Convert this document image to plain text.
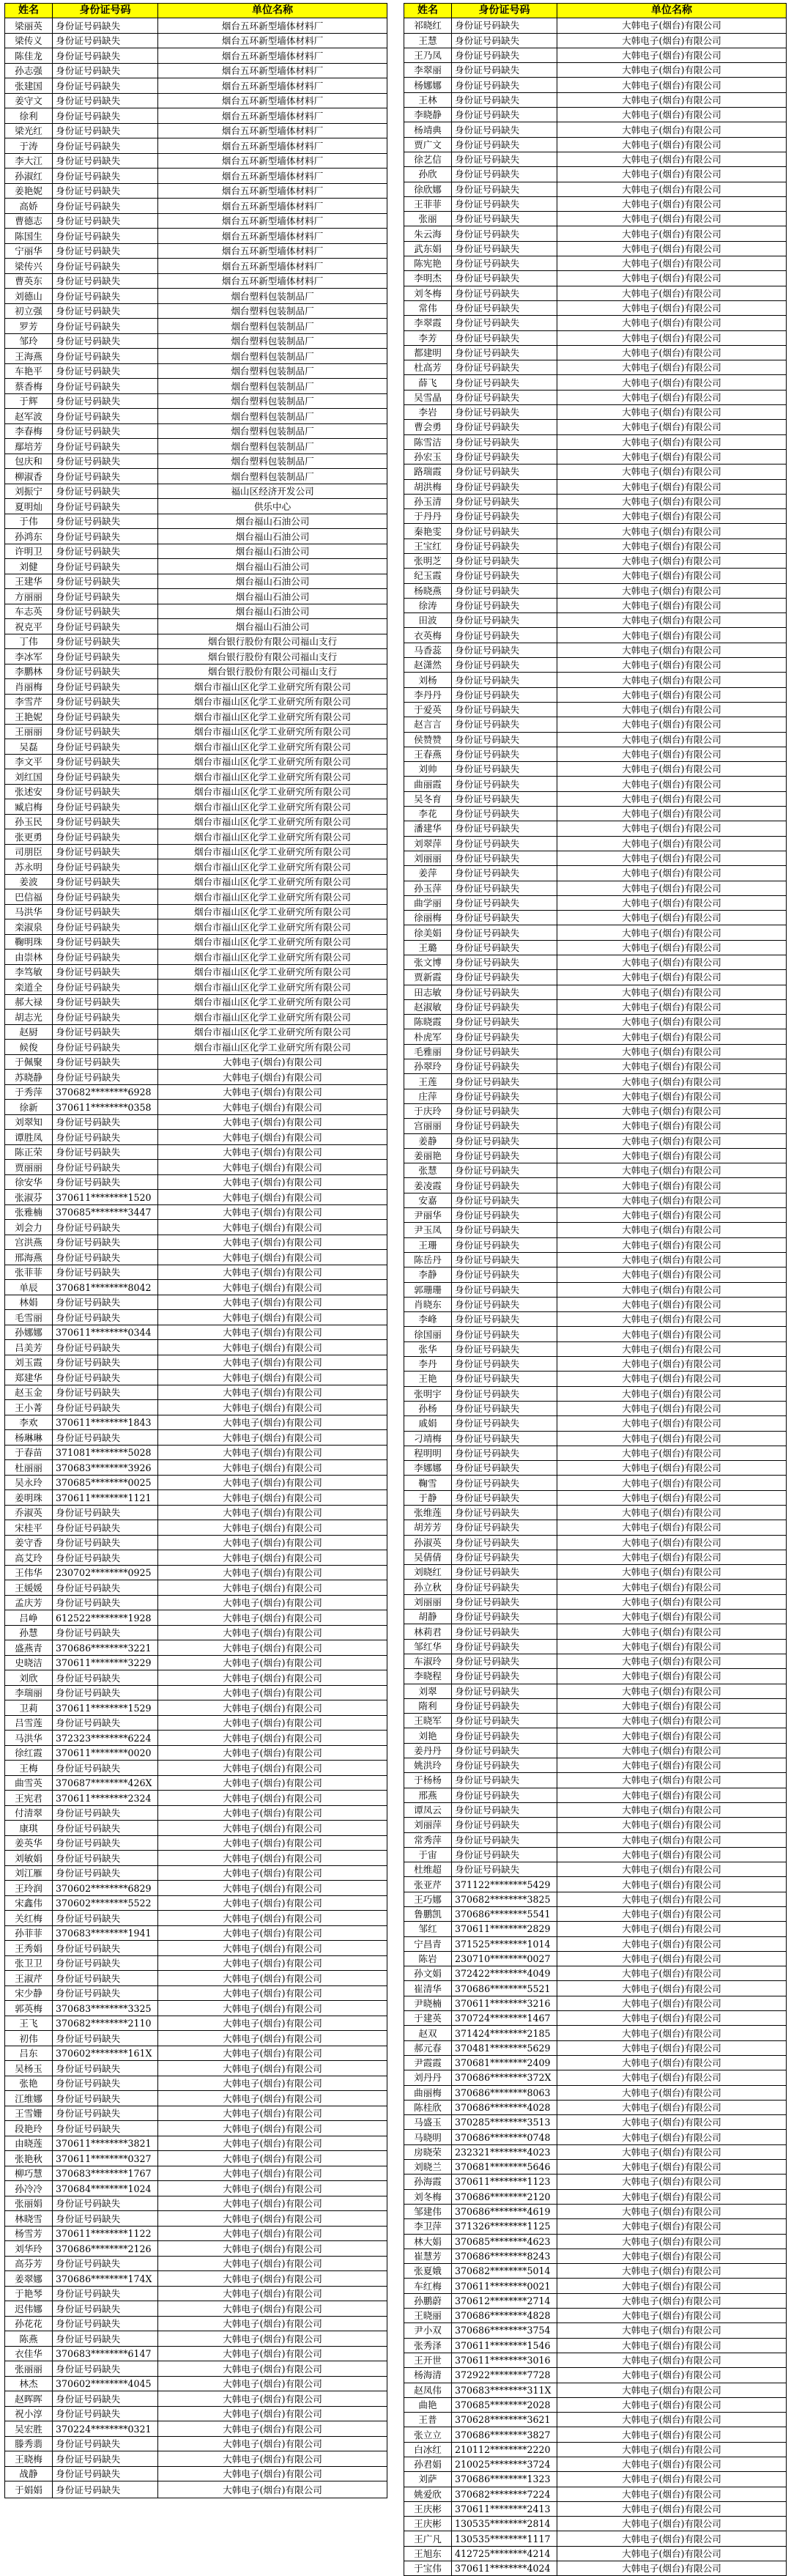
姓名	身份证号码	单位名称
梁丽英	身份证号码缺失	烟台五环新型墙体材料厂
梁传义	身份证号码缺失	烟台五环新型墙体材料厂
陈佳龙	身份证号码缺失	烟台五环新型墙体材料厂
孙志强	身份证号码缺失	烟台五环新型墙体材料厂
张建国	身份证号码缺失	烟台五环新型墙体材料厂
姜守文	身份证号码缺失	烟台五环新型墙体材料厂
徐利	身份证号码缺失	烟台五环新型墙体材料厂
梁光红	身份证号码缺失	烟台五环新型墙体材料厂
于涛	身份证号码缺失	烟台五环新型墙体材料厂
李大江	身份证号码缺失	烟台五环新型墙体材料厂
孙淑红	身份证号码缺失	烟台五环新型墙体材料厂
姜艳妮	身份证号码缺失	烟台五环新型墙体材料厂
高娇	身份证号码缺失	烟台五环新型墙体材料厂
曹德志	身份证号码缺失	烟台五环新型墙体材料厂
陈国生	身份证号码缺失	烟台五环新型墙体材料厂
宁丽华	身份证号码缺失	烟台五环新型墙体材料厂
梁传兴	身份证号码缺失	烟台五环新型墙体材料厂
曹英东	身份证号码缺失	烟台五环新型墙体材料厂
刘德山	身份证号码缺失	烟台塑料包装制品厂
初立强	身份证号码缺失	烟台塑料包装制品厂
罗芳	身份证号码缺失	烟台塑料包装制品厂
邹玲	身份证号码缺失	烟台塑料包装制品厂
王海燕	身份证号码缺失	烟台塑料包装制品厂
车艳平	身份证号码缺失	烟台塑料包装制品厂
蔡香梅	身份证号码缺失	烟台塑料包装制品厂
于辉	身份证号码缺失	烟台塑料包装制品厂
赵军波	身份证号码缺失	烟台塑料包装制品厂
李春梅	身份证号码缺失	烟台塑料包装制品厂
鄢培芳	身份证号码缺失	烟台塑料包装制品厂
包庆和	身份证号码缺失	烟台塑料包装制品厂
柳淑香	身份证号码缺失	烟台塑料包装制品厂
刘振宁	身份证号码缺失	福山区经济开发公司
夏明灿	身份证号码缺失	供乐中心
于伟	身份证号码缺失	烟台福山石油公司
孙鸿东	身份证号码缺失	烟台福山石油公司
许明卫	身份证号码缺失	烟台福山石油公司
刘健	身份证号码缺失	烟台福山石油公司
王建华	身份证号码缺失	烟台福山石油公司
方丽丽	身份证号码缺失	烟台福山石油公司
车志英	身份证号码缺失	烟台福山石油公司
祝克平	身份证号码缺失	烟台福山石油公司
丁伟	身份证号码缺失	烟台银行股份有限公司福山支行
李冰军	身份证号码缺失	烟台银行股份有限公司福山支行
李鹏林	身份证号码缺失	烟台银行股份有限公司福山支行
肖丽梅	身份证号码缺失	烟台市福山区化学工业研究所有限公司
李雪芹	身份证号码缺失	烟台市福山区化学工业研究所有限公司
王艳妮	身份证号码缺失	烟台市福山区化学工业研究所有限公司
王丽丽	身份证号码缺失	烟台市福山区化学工业研究所有限公司
吴磊	身份证号码缺失	烟台市福山区化学工业研究所有限公司
李文平	身份证号码缺失	烟台市福山区化学工业研究所有限公司
刘红国	身份证号码缺失	烟台市福山区化学工业研究所有限公司
张述安	身份证号码缺失	烟台市福山区化学工业研究所有限公司
臧启梅	身份证号码缺失	烟台市福山区化学工业研究所有限公司
孙玉民	身份证号码缺失	烟台市福山区化学工业研究所有限公司
张更勇	身份证号码缺失	烟台市福山区化学工业研究所有限公司
司朋臣	身份证号码缺失	烟台市福山区化学工业研究所有限公司
苏永明	身份证号码缺失	烟台市福山区化学工业研究所有限公司
姜波	身份证号码缺失	烟台市福山区化学工业研究所有限公司
巴信福	身份证号码缺失	烟台市福山区化学工业研究所有限公司
马洪华	身份证号码缺失	烟台市福山区化学工业研究所有限公司
栾淑泉	身份证号码缺失	烟台市福山区化学工业研究所有限公司
鞠明珠	身份证号码缺失	烟台市福山区化学工业研究所有限公司
由崇林	身份证号码缺失	烟台市福山区化学工业研究所有限公司
李笃敏	身份证号码缺失	烟台市福山区化学工业研究所有限公司
栾道全	身份证号码缺失	烟台市福山区化学工业研究所有限公司
郝大禄	身份证号码缺失	烟台市福山区化学工业研究所有限公司
胡志光	身份证号码缺失	烟台市福山区化学工业研究所有限公司
赵厨	身份证号码缺失	烟台市福山区化学工业研究所有限公司
候俊	身份证号码缺失	烟台市福山区化学工业研究所有限公司
于佩聚	身份证号码缺失	大韩电子(烟台)有限公司
苏晓静	身份证号码缺失	大韩电子(烟台)有限公司
于秀萍	370682********6928	大韩电子(烟台)有限公司
徐新	370611********0358	大韩电子(烟台)有限公司
刘翠知	身份证号码缺失	大韩电子(烟台)有限公司
谭胜凤	身份证号码缺失	大韩电子(烟台)有限公司
陈正荣	身份证号码缺失	大韩电子(烟台)有限公司
贾丽丽	身份证号码缺失	大韩电子(烟台)有限公司
徐安华	身份证号码缺失	大韩电子(烟台)有限公司
张淑芬	370611********1520	大韩电子(烟台)有限公司
张雅楠	370685********3447	大韩电子(烟台)有限公司
刘会力	身份证号码缺失	大韩电子(烟台)有限公司
宫洪燕	身份证号码缺失	大韩电子(烟台)有限公司
邢海燕	身份证号码缺失	大韩电子(烟台)有限公司
张菲菲	身份证号码缺失	大韩电子(烟台)有限公司
单辰	370681********8042	大韩电子(烟台)有限公司
林娟	身份证号码缺失	大韩电子(烟台)有限公司
毛雪丽	身份证号码缺失	大韩电子(烟台)有限公司
孙娜娜	370611********0344	大韩电子(烟台)有限公司
吕美芳	身份证号码缺失	大韩电子(烟台)有限公司
刘玉霞	身份证号码缺失	大韩电子(烟台)有限公司
郑建华	身份证号码缺失	大韩电子(烟台)有限公司
赵玉金	身份证号码缺失	大韩电子(烟台)有限公司
王小菁	身份证号码缺失	大韩电子(烟台)有限公司
李欢	370611********1843	大韩电子(烟台)有限公司
杨琳琳	身份证号码缺失	大韩电子(烟台)有限公司
于春苗	371081********5028	大韩电子(烟台)有限公司
杜丽丽	370683********3926	大韩电子(烟台)有限公司
吴永玲	370685********0025	大韩电子(烟台)有限公司
姜明珠	370611********1121	大韩电子(烟台)有限公司
乔淑英	身份证号码缺失	大韩电子(烟台)有限公司
宋桂平	身份证号码缺失	大韩电子(烟台)有限公司
姜守香	身份证号码缺失	大韩电子(烟台)有限公司
高艾玲	身份证号码缺失	大韩电子(烟台)有限公司
王伟华	230702********0925	大韩电子(烟台)有限公司
王媛媛	身份证号码缺失	大韩电子(烟台)有限公司
孟庆芳	身份证号码缺失	大韩电子(烟台)有限公司
吕峥	612522********1928	大韩电子(烟台)有限公司
孙慧	身份证号码缺失	大韩电子(烟台)有限公司
盛燕青	370686********3221	大韩电子(烟台)有限公司
史晓洁	370611********3229	大韩电子(烟台)有限公司
刘欣	身份证号码缺失	大韩电子(烟台)有限公司
李瑞丽	身份证号码缺失	大韩电子(烟台)有限公司
卫莉	370611********1529	大韩电子(烟台)有限公司
吕雪莲	身份证号码缺失	大韩电子(烟台)有限公司
马洪华	372323********6224	大韩电子(烟台)有限公司
徐红霞	370611********0020	大韩电子(烟台)有限公司
王梅	身份证号码缺失	大韩电子(烟台)有限公司
曲雪英	370687********426X	大韩电子(烟台)有限公司
王宪君	370611********2324	大韩电子(烟台)有限公司
付清翠	身份证号码缺失	大韩电子(烟台)有限公司
康琪	身份证号码缺失	大韩电子(烟台)有限公司
姜英华	身份证号码缺失	大韩电子(烟台)有限公司
刘敏娟	身份证号码缺失	大韩电子(烟台)有限公司
刘江雁	身份证号码缺失	大韩电子(烟台)有限公司
王玲润	370602********6829	大韩电子(烟台)有限公司
宋鑫伟	370602********5522	大韩电子(烟台)有限公司
关红梅	身份证号码缺失	大韩电子(烟台)有限公司
孙菲菲	370683********1941	大韩电子(烟台)有限公司
王秀娟	身份证号码缺失	大韩电子(烟台)有限公司
张卫卫	身份证号码缺失	大韩电子(烟台)有限公司
王淑芹	身份证号码缺失	大韩电子(烟台)有限公司
宋少静	身份证号码缺失	大韩电子(烟台)有限公司
郭英梅	370683********3325	大韩电子(烟台)有限公司
王飞	370682********2110	大韩电子(烟台)有限公司
初伟	身份证号码缺失	大韩电子(烟台)有限公司
吕东	370602********161X	大韩电子(烟台)有限公司
吴杨玉	身份证号码缺失	大韩电子(烟台)有限公司
张艳	身份证号码缺失	大韩电子(烟台)有限公司
江维娜	身份证号码缺失	大韩电子(烟台)有限公司
王雪姗	身份证号码缺失	大韩电子(烟台)有限公司
段艳玲	身份证号码缺失	大韩电子(烟台)有限公司
由晓莲	370611********3821	大韩电子(烟台)有限公司
张艳秋	370611********0327	大韩电子(烟台)有限公司
柳巧慧	370683********1767	大韩电子(烟台)有限公司
孙冷冷	370684********1024	大韩电子(烟台)有限公司
张丽娟	身份证号码缺失	大韩电子(烟台)有限公司
林晓雪	身份证号码缺失	大韩电子(烟台)有限公司
杨雪芳	370611********1122	大韩电子(烟台)有限公司
刘华玲	370686********2126	大韩电子(烟台)有限公司
高芬芳	身份证号码缺失	大韩电子(烟台)有限公司
姜翠娜	370686********174X	大韩电子(烟台)有限公司
于艳琴	身份证号码缺失	大韩电子(烟台)有限公司
迟伟娜	身份证号码缺失	大韩电子(烟台)有限公司
孙花花	身份证号码缺失	大韩电子(烟台)有限公司
陈燕	身份证号码缺失	大韩电子(烟台)有限公司
衣佳华	370683********6147	大韩电子(烟台)有限公司
张丽丽	身份证号码缺失	大韩电子(烟台)有限公司
林杰	370602********4045	大韩电子(烟台)有限公司
赵晖晖	身份证号码缺失	大韩电子(烟台)有限公司
祝小淳	身份证号码缺失	大韩电子(烟台)有限公司
吴宏胜	370224********0321	大韩电子(烟台)有限公司
滕秀翡	身份证号码缺失	大韩电子(烟台)有限公司
王晓梅	身份证号码缺失	大韩电子(烟台)有限公司
战静	身份证号码缺失	大韩电子(烟台)有限公司
于娟娟	身份证号码缺失	大韩电子(烟台)有限公司
姓名	身份证号码	单位名称
祁晓红	身份证号码缺失	大韩电子(烟台)有限公司
王慧	身份证号码缺失	大韩电子(烟台)有限公司
王乃凤	身份证号码缺失	大韩电子(烟台)有限公司
李翠丽	身份证号码缺失	大韩电子(烟台)有限公司
杨娜娜	身份证号码缺失	大韩电子(烟台)有限公司
王林	身份证号码缺失	大韩电子(烟台)有限公司
李晓静	身份证号码缺失	大韩电子(烟台)有限公司
杨靖典	身份证号码缺失	大韩电子(烟台)有限公司
贾广文	身份证号码缺失	大韩电子(烟台)有限公司
徐艺信	身份证号码缺失	大韩电子(烟台)有限公司
孙欣	身份证号码缺失	大韩电子(烟台)有限公司
徐欣娜	身份证号码缺失	大韩电子(烟台)有限公司
王菲菲	身份证号码缺失	大韩电子(烟台)有限公司
张丽	身份证号码缺失	大韩电子(烟台)有限公司
朱云海	身份证号码缺失	大韩电子(烟台)有限公司
武东娟	身份证号码缺失	大韩电子(烟台)有限公司
陈宪艳	身份证号码缺失	大韩电子(烟台)有限公司
李明杰	身份证号码缺失	大韩电子(烟台)有限公司
刘冬梅	身份证号码缺失	大韩电子(烟台)有限公司
常伟	身份证号码缺失	大韩电子(烟台)有限公司
李翠霞	身份证号码缺失	大韩电子(烟台)有限公司
李芳	身份证号码缺失	大韩电子(烟台)有限公司
都建明	身份证号码缺失	大韩电子(烟台)有限公司
杜高芳	身份证号码缺失	大韩电子(烟台)有限公司
薛飞	身份证号码缺失	大韩电子(烟台)有限公司
吴雪晶	身份证号码缺失	大韩电子(烟台)有限公司
李岩	身份证号码缺失	大韩电子(烟台)有限公司
曹会勇	身份证号码缺失	大韩电子(烟台)有限公司
陈雪洁	身份证号码缺失	大韩电子(烟台)有限公司
孙宏玉	身份证号码缺失	大韩电子(烟台)有限公司
路瑞霞	身份证号码缺失	大韩电子(烟台)有限公司
胡洪梅	身份证号码缺失	大韩电子(烟台)有限公司
孙玉清	身份证号码缺失	大韩电子(烟台)有限公司
于丹丹	身份证号码缺失	大韩电子(烟台)有限公司
秦艳雯	身份证号码缺失	大韩电子(烟台)有限公司
王宝红	身份证号码缺失	大韩电子(烟台)有限公司
张明芝	身份证号码缺失	大韩电子(烟台)有限公司
纪玉霞	身份证号码缺失	大韩电子(烟台)有限公司
杨晓燕	身份证号码缺失	大韩电子(烟台)有限公司
徐涛	身份证号码缺失	大韩电子(烟台)有限公司
田波	身份证号码缺失	大韩电子(烟台)有限公司
衣英梅	身份证号码缺失	大韩电子(烟台)有限公司
马香蕊	身份证号码缺失	大韩电子(烟台)有限公司
赵潇然	身份证号码缺失	大韩电子(烟台)有限公司
刘杨	身份证号码缺失	大韩电子(烟台)有限公司
李丹丹	身份证号码缺失	大韩电子(烟台)有限公司
于爱英	身份证号码缺失	大韩电子(烟台)有限公司
赵言言	身份证号码缺失	大韩电子(烟台)有限公司
侯赞赞	身份证号码缺失	大韩电子(烟台)有限公司
王春燕	身份证号码缺失	大韩电子(烟台)有限公司
刘帅	身份证号码缺失	大韩电子(烟台)有限公司
曲丽霞	身份证号码缺失	大韩电子(烟台)有限公司
吴冬育	身份证号码缺失	大韩电子(烟台)有限公司
李花	身份证号码缺失	大韩电子(烟台)有限公司
潘建华	身份证号码缺失	大韩电子(烟台)有限公司
刘翠萍	身份证号码缺失	大韩电子(烟台)有限公司
刘丽丽	身份证号码缺失	大韩电子(烟台)有限公司
姜萍	身份证号码缺失	大韩电子(烟台)有限公司
孙玉萍	身份证号码缺失	大韩电子(烟台)有限公司
曲学丽	身份证号码缺失	大韩电子(烟台)有限公司
徐丽梅	身份证号码缺失	大韩电子(烟台)有限公司
徐美娟	身份证号码缺失	大韩电子(烟台)有限公司
王璐	身份证号码缺失	大韩电子(烟台)有限公司
张文博	身份证号码缺失	大韩电子(烟台)有限公司
贾新霞	身份证号码缺失	大韩电子(烟台)有限公司
田志敏	身份证号码缺失	大韩电子(烟台)有限公司
赵淑敏	身份证号码缺失	大韩电子(烟台)有限公司
陈晓霞	身份证号码缺失	大韩电子(烟台)有限公司
朴虎军	身份证号码缺失	大韩电子(烟台)有限公司
毛雅丽	身份证号码缺失	大韩电子(烟台)有限公司
孙翠玲	身份证号码缺失	大韩电子(烟台)有限公司
王莲	身份证号码缺失	大韩电子(烟台)有限公司
庄萍	身份证号码缺失	大韩电子(烟台)有限公司
于庆玲	身份证号码缺失	大韩电子(烟台)有限公司
宫丽丽	身份证号码缺失	大韩电子(烟台)有限公司
姜静	身份证号码缺失	大韩电子(烟台)有限公司
姜丽艳	身份证号码缺失	大韩电子(烟台)有限公司
张慧	身份证号码缺失	大韩电子(烟台)有限公司
姜凌霞	身份证号码缺失	大韩电子(烟台)有限公司
安嘉	身份证号码缺失	大韩电子(烟台)有限公司
尹丽华	身份证号码缺失	大韩电子(烟台)有限公司
尹玉凤	身份证号码缺失	大韩电子(烟台)有限公司
王珊	身份证号码缺失	大韩电子(烟台)有限公司
陈岳丹	身份证号码缺失	大韩电子(烟台)有限公司
李静	身份证号码缺失	大韩电子(烟台)有限公司
郭珊珊	身份证号码缺失	大韩电子(烟台)有限公司
肖晓东	身份证号码缺失	大韩电子(烟台)有限公司
李峰	身份证号码缺失	大韩电子(烟台)有限公司
徐国丽	身份证号码缺失	大韩电子(烟台)有限公司
张华	身份证号码缺失	大韩电子(烟台)有限公司
李丹	身份证号码缺失	大韩电子(烟台)有限公司
王艳	身份证号码缺失	大韩电子(烟台)有限公司
张明宇	身份证号码缺失	大韩电子(烟台)有限公司
孙杨	身份证号码缺失	大韩电子(烟台)有限公司
戚娟	身份证号码缺失	大韩电子(烟台)有限公司
刁靖梅	身份证号码缺失	大韩电子(烟台)有限公司
程明明	身份证号码缺失	大韩电子(烟台)有限公司
李娜娜	身份证号码缺失	大韩电子(烟台)有限公司
鞠雪	身份证号码缺失	大韩电子(烟台)有限公司
于静	身份证号码缺失	大韩电子(烟台)有限公司
张维莲	身份证号码缺失	大韩电子(烟台)有限公司
胡芳芳	身份证号码缺失	大韩电子(烟台)有限公司
孙淑英	身份证号码缺失	大韩电子(烟台)有限公司
吴倩倩	身份证号码缺失	大韩电子(烟台)有限公司
刘晓红	身份证号码缺失	大韩电子(烟台)有限公司
孙立秋	身份证号码缺失	大韩电子(烟台)有限公司
刘丽丽	身份证号码缺失	大韩电子(烟台)有限公司
胡静	身份证号码缺失	大韩电子(烟台)有限公司
林莉君	身份证号码缺失	大韩电子(烟台)有限公司
邹红华	身份证号码缺失	大韩电子(烟台)有限公司
车淑玲	身份证号码缺失	大韩电子(烟台)有限公司
李晓程	身份证号码缺失	大韩电子(烟台)有限公司
刘翠	身份证号码缺失	大韩电子(烟台)有限公司
隋利	身份证号码缺失	大韩电子(烟台)有限公司
王晓军	身份证号码缺失	大韩电子(烟台)有限公司
刘艳	身份证号码缺失	大韩电子(烟台)有限公司
姜丹丹	身份证号码缺失	大韩电子(烟台)有限公司
姚洪玲	身份证号码缺失	大韩电子(烟台)有限公司
于杨杨	身份证号码缺失	大韩电子(烟台)有限公司
邢燕	身份证号码缺失	大韩电子(烟台)有限公司
谭凤云	身份证号码缺失	大韩电子(烟台)有限公司
刘丽萍	身份证号码缺失	大韩电子(烟台)有限公司
常秀萍	身份证号码缺失	大韩电子(烟台)有限公司
于宙	身份证号码缺失	大韩电子(烟台)有限公司
杜维超	身份证号码缺失	大韩电子(烟台)有限公司
张亚芹	371122********5429	大韩电子(烟台)有限公司
王巧娜	370682********3825	大韩电子(烟台)有限公司
鲁鹏凯	370686********5541	大韩电子(烟台)有限公司
邹红	370611********2829	大韩电子(烟台)有限公司
宁昌青	371525********1014	大韩电子(烟台)有限公司
陈岩	230710********0027	大韩电子(烟台)有限公司
孙文娟	372422********4049	大韩电子(烟台)有限公司
崔清华	370686********5521	大韩电子(烟台)有限公司
尹晓楠	370611********3216	大韩电子(烟台)有限公司
于建英	370724********1467	大韩电子(烟台)有限公司
赵双	371424********2185	大韩电子(烟台)有限公司
郝元春	370481********5629	大韩电子(烟台)有限公司
尹霞霞	370681********2409	大韩电子(烟台)有限公司
刘丹丹	370686********372X	大韩电子(烟台)有限公司
曲丽梅	370686********8063	大韩电子(烟台)有限公司
陈桂欣	370686********4028	大韩电子(烟台)有限公司
马盛玉	370285********3513	大韩电子(烟台)有限公司
马晓明	370686********0748	大韩电子(烟台)有限公司
房晓荣	232321********4023	大韩电子(烟台)有限公司
刘晓兰	370681********5646	大韩电子(烟台)有限公司
孙海霞	370611********1123	大韩电子(烟台)有限公司
刘冬梅	370686********2120	大韩电子(烟台)有限公司
邹建伟	370686********4619	大韩电子(烟台)有限公司
李卫萍	371326********1125	大韩电子(烟台)有限公司
林大娟	370685********4623	大韩电子(烟台)有限公司
崔慧芳	370686********8243	大韩电子(烟台)有限公司
张夏娥	370682********5014	大韩电子(烟台)有限公司
车红梅	370611********0021	大韩电子(烟台)有限公司
孙鹏蔚	370612********2714	大韩电子(烟台)有限公司
王晓丽	370686********4828	大韩电子(烟台)有限公司
尹小双	370686********3754	大韩电子(烟台)有限公司
张秀泽	370611********1546	大韩电子(烟台)有限公司
王开世	370611********3016	大韩电子(烟台)有限公司
杨海清	372922********7728	大韩电子(烟台)有限公司
赵凤伟	370683********311X	大韩电子(烟台)有限公司
曲艳	370685********2028	大韩电子(烟台)有限公司
王普	370628********3621	大韩电子(烟台)有限公司
张立立	370686********3827	大韩电子(烟台)有限公司
白冰红	210112********2220	大韩电子(烟台)有限公司
孙君娟	210025********3724	大韩电子(烟台)有限公司
刘萨	370686********1323	大韩电子(烟台)有限公司
姚爱欣	370682********7224	大韩电子(烟台)有限公司
王庆彬	370611********2413	大韩电子(烟台)有限公司
王庆彬	130535********2814	大韩电子(烟台)有限公司
王广凡	130535********1117	大韩电子(烟台)有限公司
王旭东	412725********4214	大韩电子(烟台)有限公司
于宝伟	370611********4024	大韩电子(烟台)有限公司
